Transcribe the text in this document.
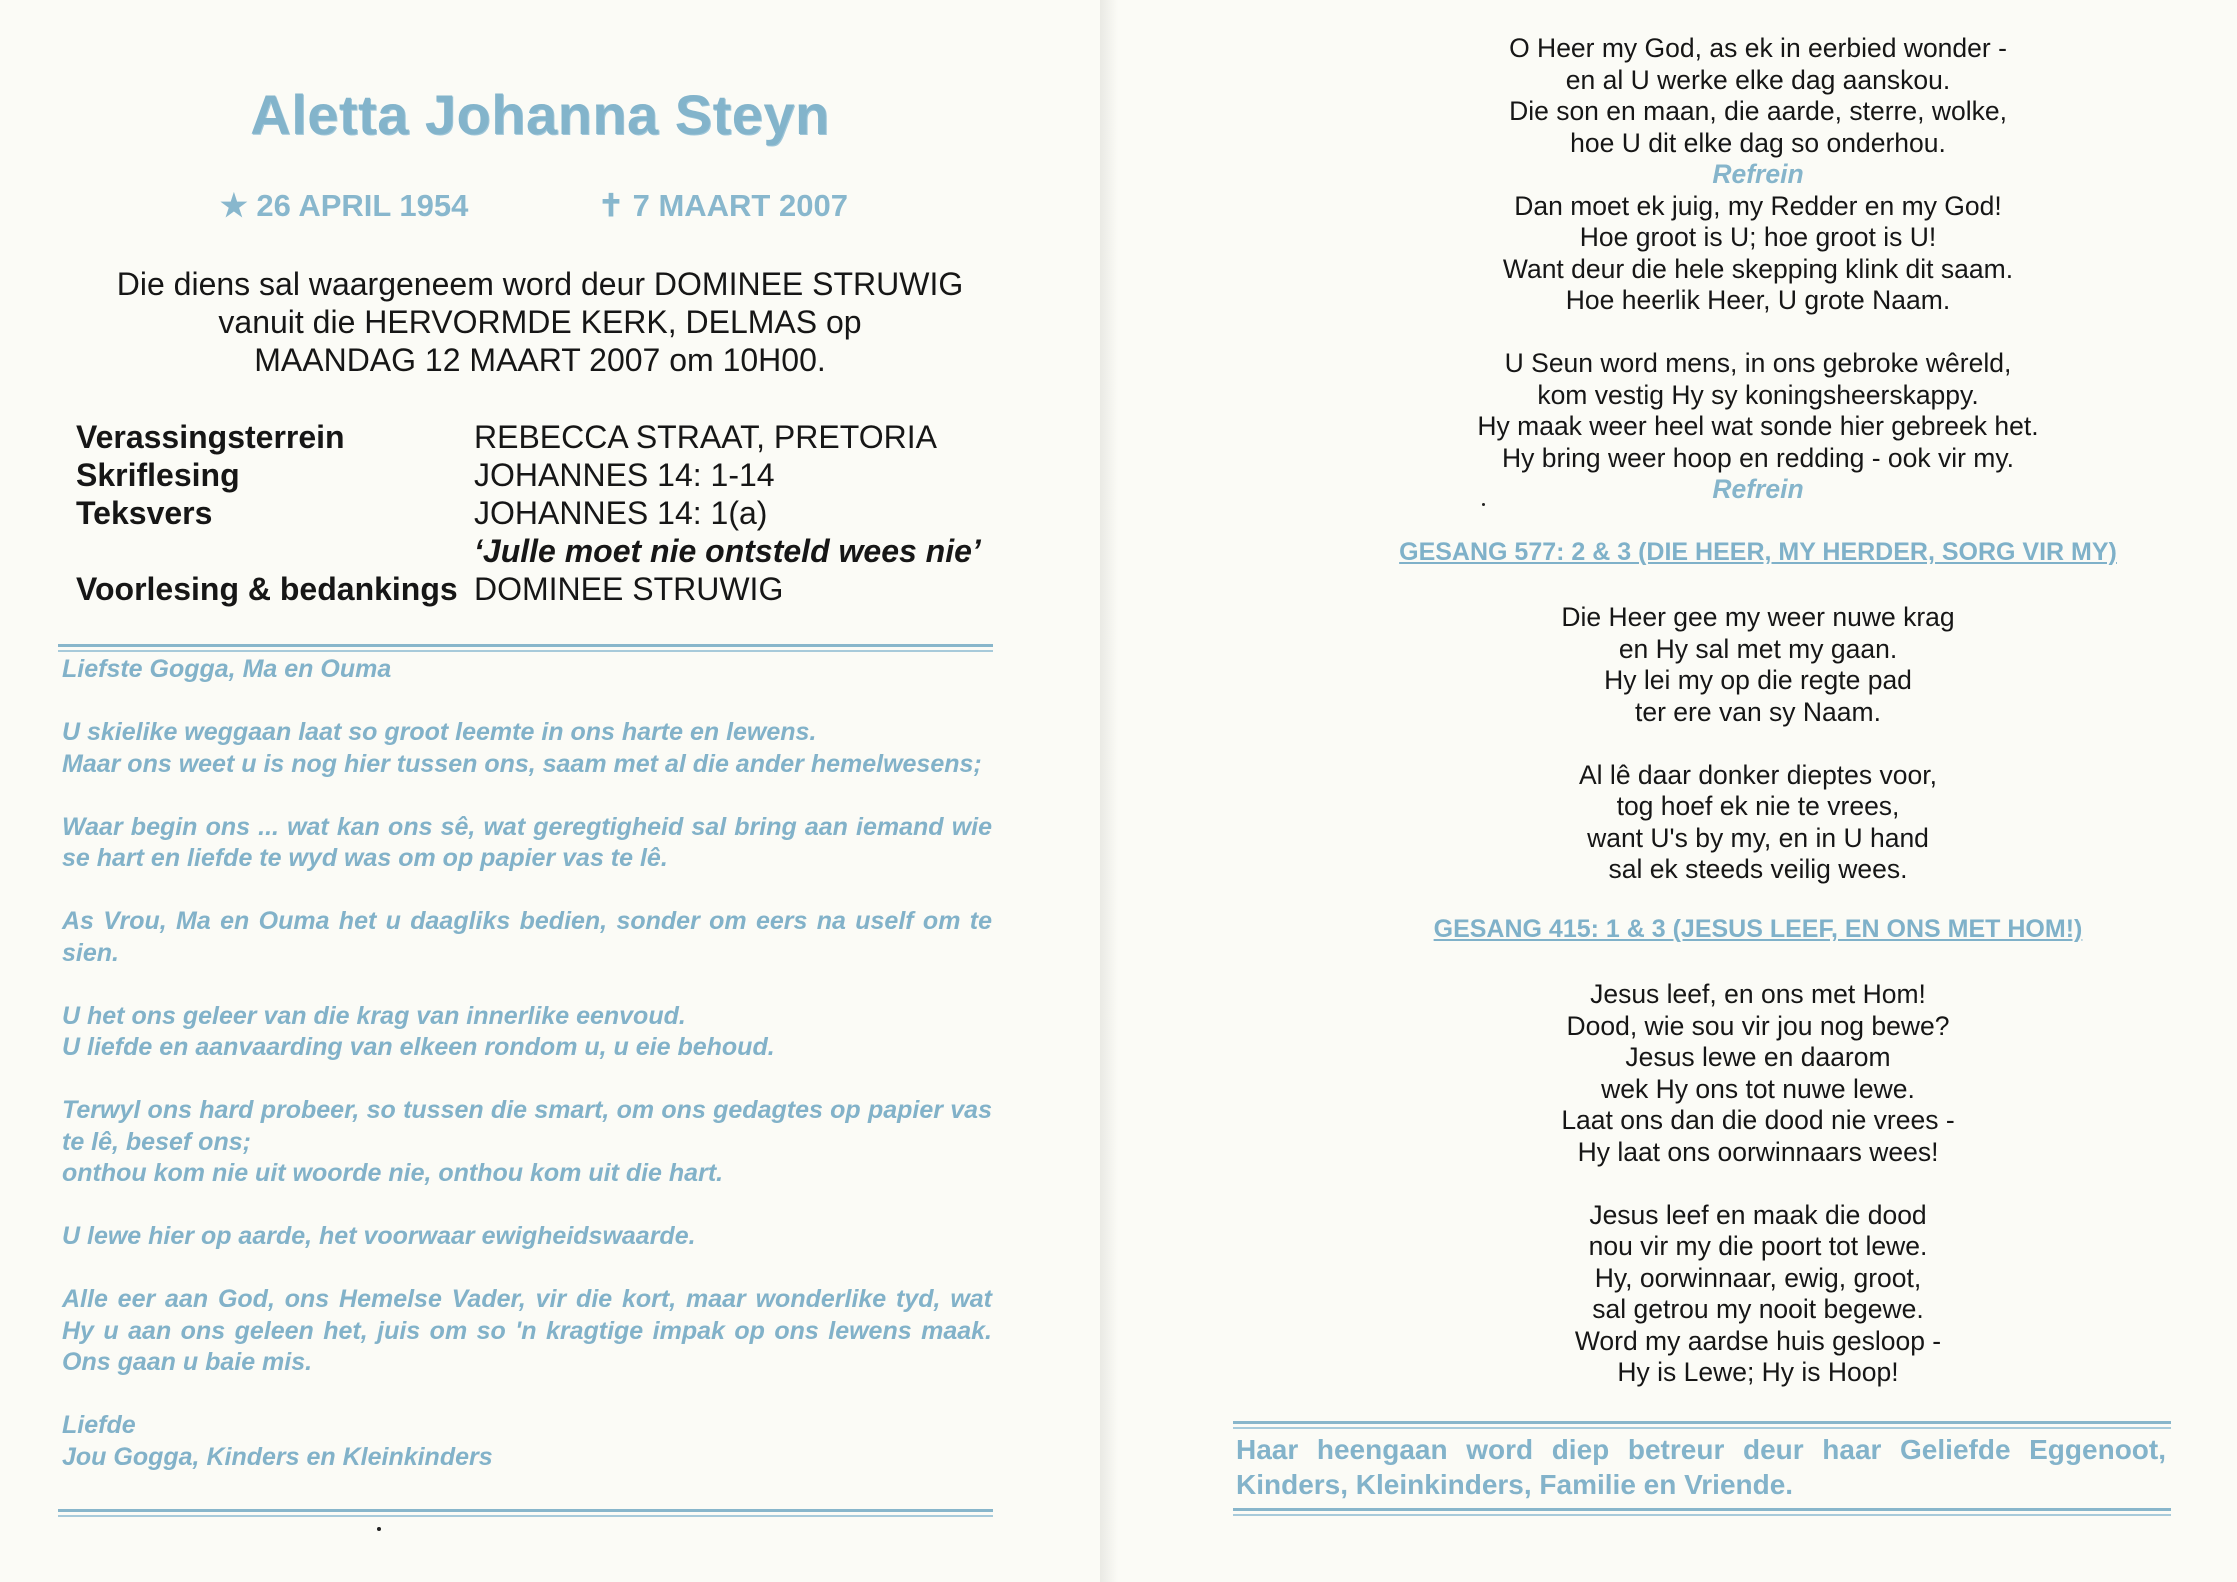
Aletta Johanna Steyn
★ 26 APRIL 1954	✝ 7 MAART 2007
Die diens sal waargeneem word deur DOMINEE STRUWIG
vanuit die HERVORMDE KERK, DELMAS op
MAANDAG 12 MAART 2007 om 10H00.
Verassingsterrein	REBECCA STRAAT, PRETORIA
Skriflesing	JOHANNES 14: 1-14
Teksvers	JOHANNES 14: 1(a)
‘Julle moet nie ontsteld wees nie’
Voorlesing & bedankings DOMINEE STRUWIG

Liefste Gogga, Ma en Ouma

U skielike weggaan laat so groot leemte in ons harte en lewens.

Maar ons weet u is nog hier tussen ons, saam met al die ander hemelwesens;

Waar begin ons ... wat kan ons sê, wat geregtigheid sal bring aan iemand wie se hart en liefde te wyd was om op papier vas te lê.

As Vrou, Ma en Ouma het u daagliks bedien, sonder om eers na uself om te sien.

U het ons geleer van die krag van innerlike eenvoud.
U liefde en aanvaarding van elkeen rondom u, u eie behoud.

Terwyl ons hard probeer, so tussen die smart, om ons gedagtes op papier vas te lê, besef ons;
onthou kom nie uit woorde nie, onthou kom uit die hart.

U lewe hier op aarde, het voorwaar ewigheidswaarde.

Alle eer aan God, ons Hemelse Vader, vir die kort, maar wonderlike tyd, wat Hy u aan ons geleen het, juis om so 'n kragtige impak op ons lewens maak. Ons gaan u baie mis.

Liefde
Jou Gogga, Kinders en Kleinkinders

O Heer my God, as ek in eerbied wonder -

en al U werke elke dag aanskou.

Die son en maan, die aarde, sterre, wolke,

hoe U dit elke dag so onderhou.

Refrein

Dan moet ek juig, my Redder en my God!

Hoe groot is U; hoe groot is U!

Want deur die hele skepping klink dit saam.

Hoe heerlik Heer, U grote Naam.

U Seun word mens, in ons gebroke wêreld,

kom vestig Hy sy koningsheerskappy.

Hy maak weer heel wat sonde hier gebreek het.

Hy bring weer hoop en redding - ook vir my.

Refrein

GESANG 577: 2 & 3 (DIE HEER, MY HERDER, SORG VIR MY)

Die Heer gee my weer nuwe krag

en Hy sal met my gaan.

Hy lei my op die regte pad

ter ere van sy Naam.

Al lê daar donker dieptes voor,

tog hoef ek nie te vrees,

want U's by my, en in U hand

sal ek steeds veilig wees.

GESANG 415: 1 & 3 (JESUS LEEF, EN ONS MET HOM!)

Jesus leef, en ons met Hom!

Dood, wie sou vir jou nog bewe?

Jesus lewe en daarom

wek Hy ons tot nuwe lewe.

Laat ons dan die dood nie vrees -

Hy laat ons oorwinnaars wees!

Jesus leef en maak die dood

nou vir my die poort tot lewe.

Hy, oorwinnaar, ewig, groot,

sal getrou my nooit begewe.

Word my aardse huis gesloop -

Hy is Lewe; Hy is Hoop!

Haar heengaan word diep betreur deur haar Geliefde Eggenoot, Kinders, Kleinkinders, Familie en Vriende.
